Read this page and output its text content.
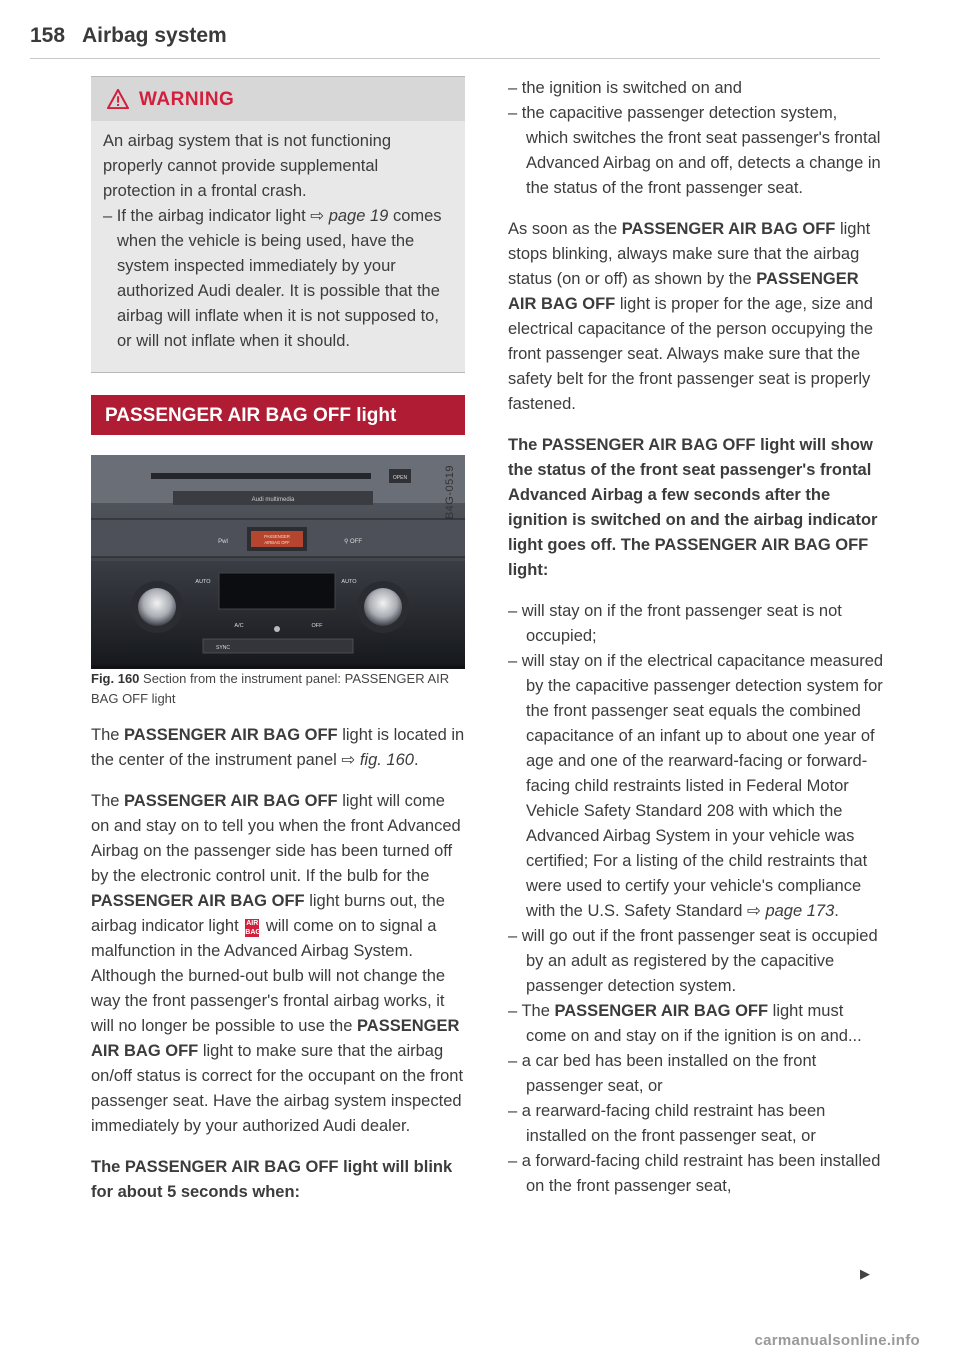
158 Airbag system
WARNING

An airbag system that is not functioning properly cannot provide supplemental protection in a frontal crash.

– If the airbag indicator light ⇨ page 19 comes when the vehicle is being used, have the system inspected immediately by your authorized Audi dealer. It is possible that the airbag will inflate when it is not supposed to, or will not inflate when it should.

PASSENGER AIR BAG OFF light
OPEN
Audi multimedia
PASSENGER
AIRBAG OFF
Pwl	⚲ OFF
AUTO	AUTO
A/C	OFF
SYNC
B4G-0519

Fig. 160 Section from the instrument panel: PASSENGER AIR BAG OFF light

The PASSENGER AIR BAG OFF light is located in the center of the instrument panel ⇨ fig. 160.

The PASSENGER AIR BAG OFF light will come on and stay on to tell you when the front Advanced Airbag on the passenger side has been turned off by the electronic control unit. If the bulb for the PASSENGER AIR BAG OFF light burns out, the airbag indicator light AIR
BAG will come on to signal a malfunction in the Advanced Airbag System. Although the burned-out bulb will not change the way the front passenger's frontal airbag works, it will no longer be possible to use the PASSENGER AIR BAG OFF light to make sure that the airbag on/off status is correct for the occupant on the front passenger seat. Have the airbag system inspected immediately by your authorized Audi dealer.

The PASSENGER AIR BAG OFF light will blink for about 5 seconds when:

– the ignition is switched on and

– the capacitive passenger detection system, which switches the front seat passenger's frontal Advanced Airbag on and off, detects a change in the status of the front passenger seat.

As soon as the PASSENGER AIR BAG OFF light stops blinking, always make sure that the airbag status (on or off) as shown by the PASSENGER AIR BAG OFF light is proper for the age, size and electrical capacitance of the person occupying the front passenger seat. Always make sure that the safety belt for the front passenger seat is properly fastened.

The PASSENGER AIR BAG OFF light will show the status of the front seat passenger's frontal Advanced Airbag a few seconds after the ignition is switched on and the airbag indicator light goes off. The PASSENGER AIR BAG OFF light:

– will stay on if the front passenger seat is not occupied;

– will stay on if the electrical capacitance measured by the capacitive passenger detection system for the front passenger seat equals the combined capacitance of an infant up to about one year of age and one of the rearward-facing or forward-facing child restraints listed in Federal Motor Vehicle Safety Standard 208 with which the Advanced Airbag System in your vehicle was certified; For a listing of the child restraints that were used to certify your vehicle's compliance with the U.S. Safety Standard ⇨ page 173.

– will go out if the front passenger seat is occupied by an adult as registered by the capacitive passenger detection system.

– The PASSENGER AIR BAG OFF light must come on and stay on if the ignition is on and...

– a car bed has been installed on the front passenger seat, or

– a rearward-facing child restraint has been installed on the front passenger seat, or

– a forward-facing child restraint has been installed on the front passenger seat,

▶
carmanualsonline.info
